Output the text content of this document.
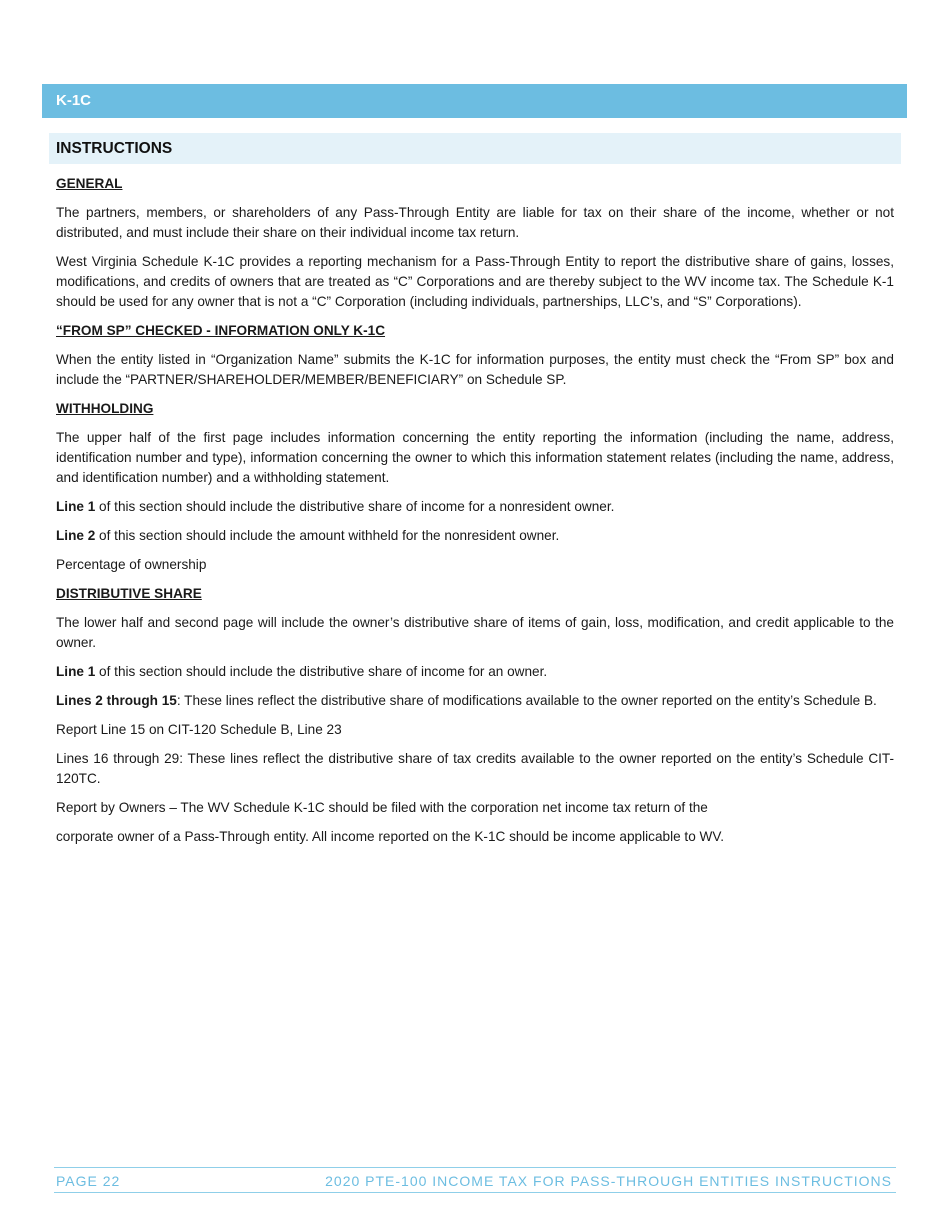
K-1C
INSTRUCTIONS

GENERAL

The partners, members, or shareholders of any Pass-Through Entity are liable for tax on their share of the income, whether or not distributed, and must include their share on their individual income tax return.

West Virginia Schedule K-1C provides a reporting mechanism for a Pass-Through Entity to report the distributive share of gains, losses, modifications, and credits of owners that are treated as “C” Corporations and are thereby subject to the WV income tax. The Schedule K-1 should be used for any owner that is not a “C” Corporation (including individuals, partnerships, LLC’s, and “S” Corporations).

“FROM SP” CHECKED - INFORMATION ONLY K-1C

When the entity listed in “Organization Name” submits the K-1C for information purposes, the entity must check the “From SP” box and include the “PARTNER/SHAREHOLDER/MEMBER/BENEFICIARY” on Schedule SP.

WITHHOLDING

The upper half of the first page includes information concerning the entity reporting the information (including the name, address, identification number and type), information concerning the owner to which this information statement relates (including the name, address, and identification number) and a withholding statement.

Line 1 of this section should include the distributive share of income for a nonresident owner.

Line 2 of this section should include the amount withheld for the nonresident owner.

Percentage of ownership

DISTRIBUTIVE SHARE

The lower half and second page will include the owner’s distributive share of items of gain, loss, modification, and credit applicable to the owner.

Line 1 of this section should include the distributive share of income for an owner.

Lines 2 through 15: These lines reflect the distributive share of modifications available to the owner reported on the entity’s Schedule B.

Report Line 15 on CIT-120 Schedule B, Line 23

Lines 16 through 29: These lines reflect the distributive share of tax credits available to the owner reported on the entity’s Schedule CIT-120TC.

Report by Owners – The WV Schedule K-1C should be filed with the corporation net income tax return of the

corporate owner of a Pass-Through entity. All income reported on the K-1C should be income applicable to WV.

PAGE 22	2020 PTE-100 INCOME TAX FOR PASS-THROUGH ENTITIES INSTRUCTIONS
